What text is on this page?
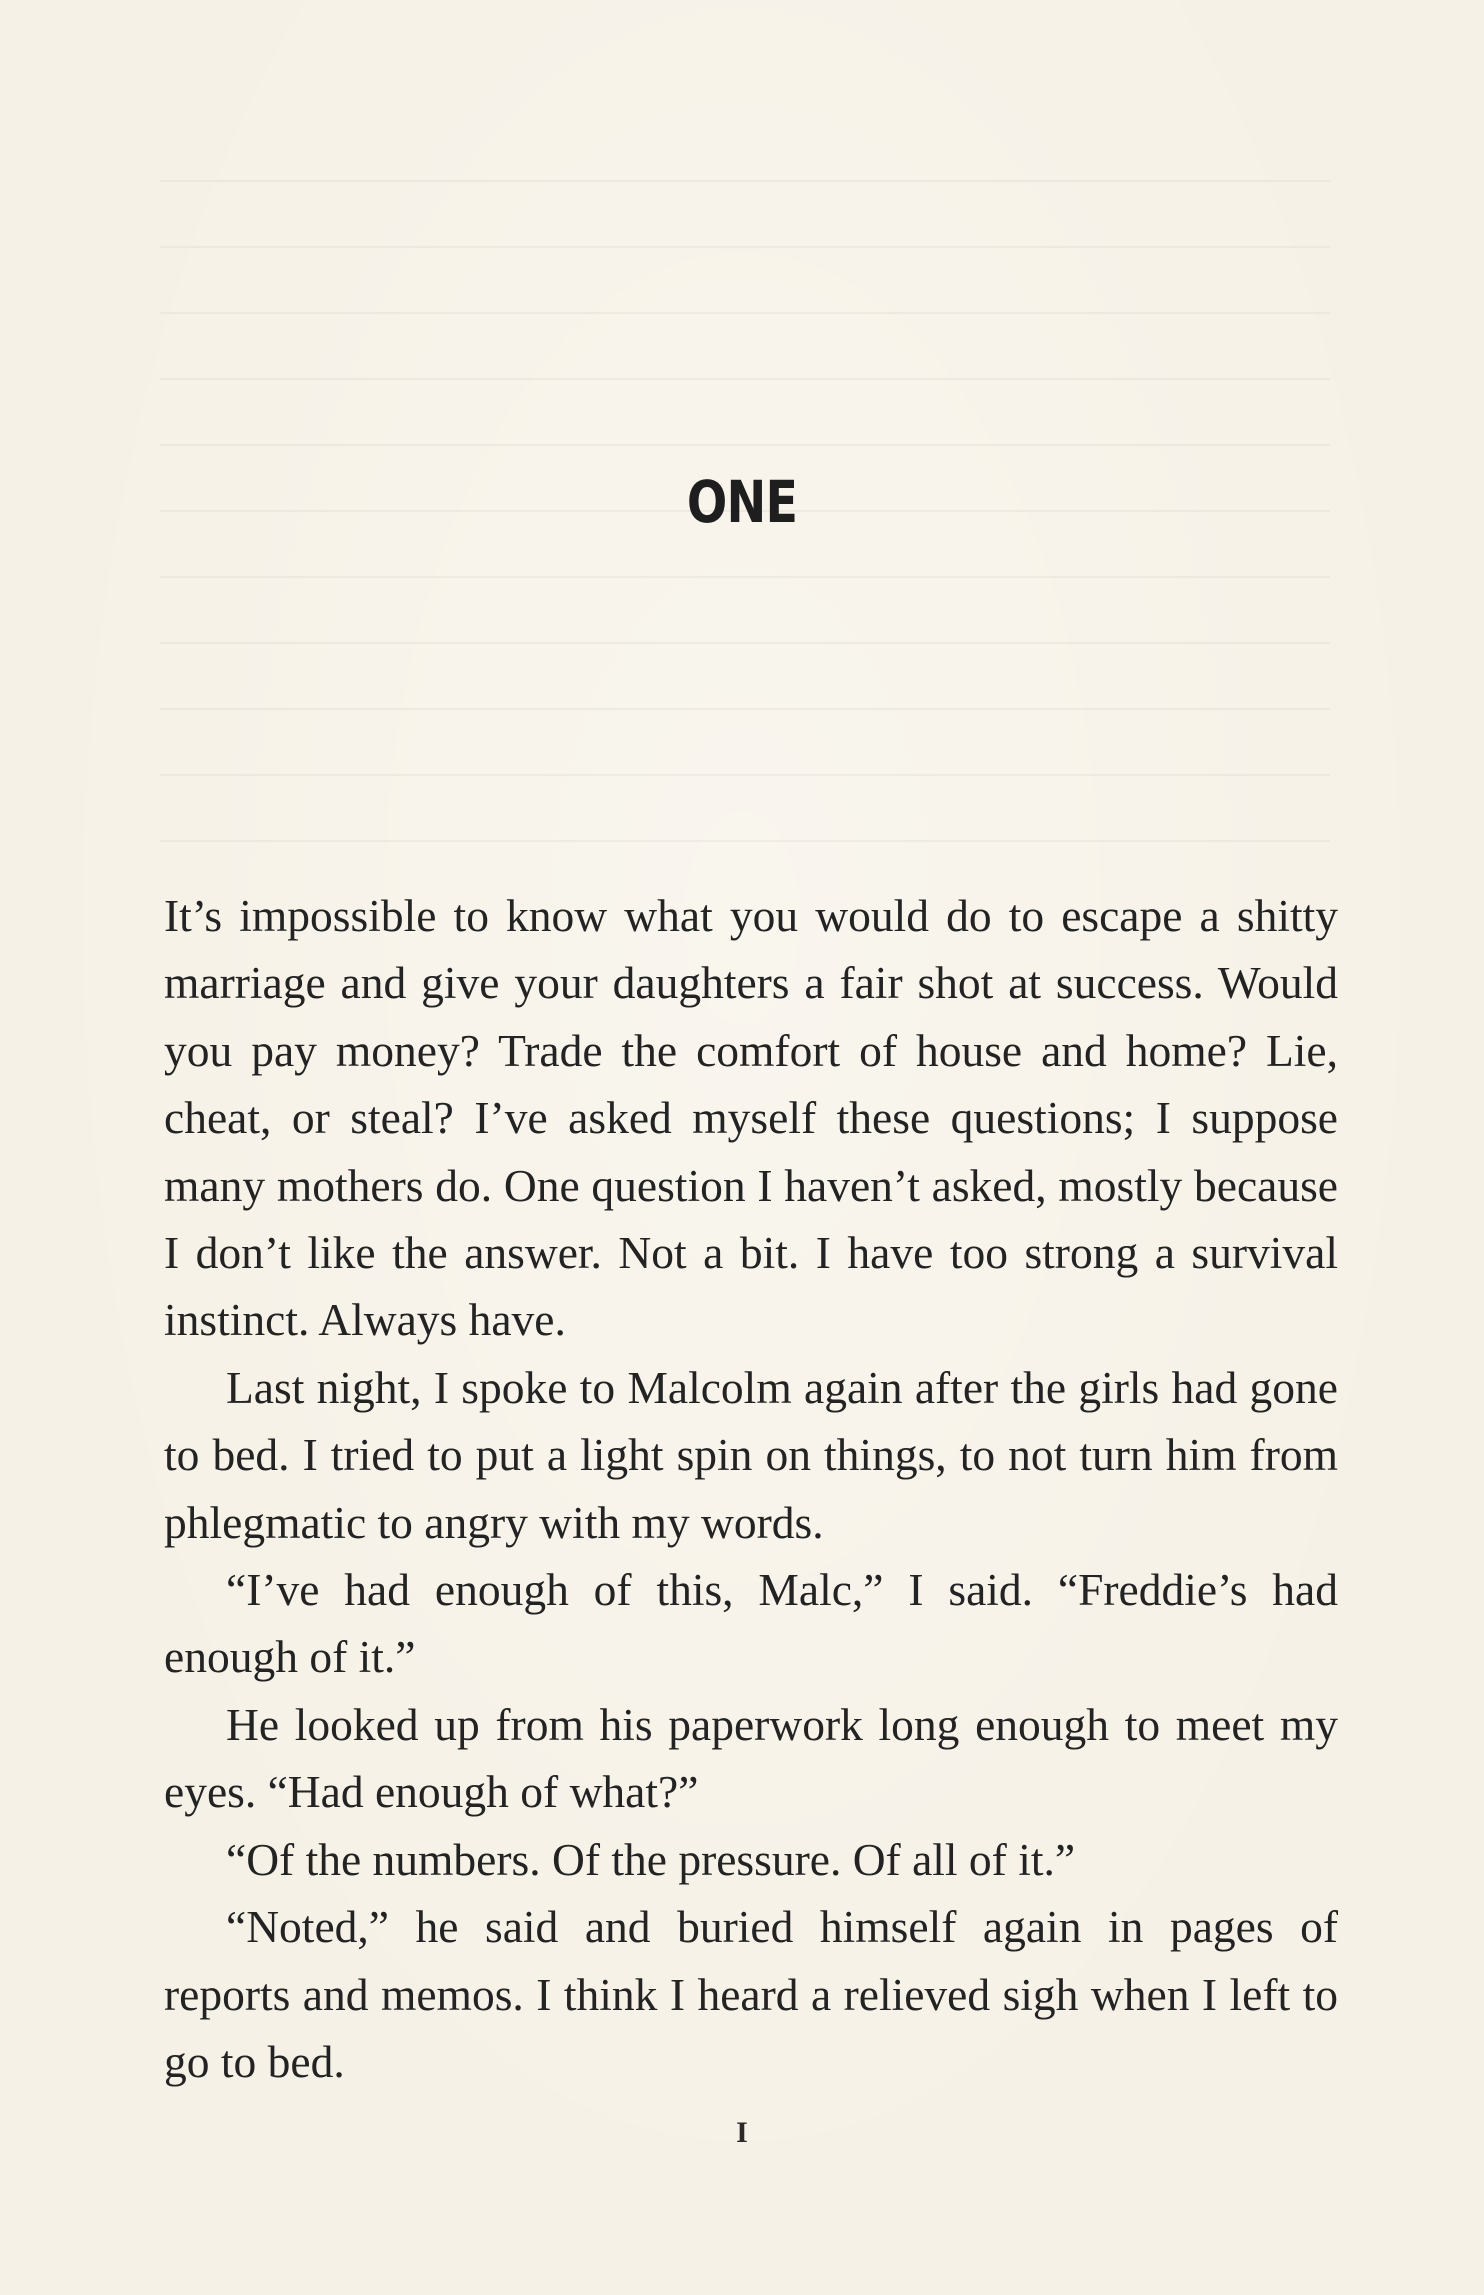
ONE

It’s impossible to know what you would do to escape a shitty marriage and give your daughters a fair shot at success. Would you pay money? Trade the comfort of house and home? Lie, cheat, or steal? I’ve asked myself these questions; I suppose many mothers do. One question I haven’t asked, mostly because I don’t like the answer. Not a bit. I have too strong a survival instinct. Always have.

Last night, I spoke to Malcolm again after the girls had gone to bed. I tried to put a light spin on things, to not turn him from phlegmatic to angry with my words.

“I’ve had enough of this, Malc,” I said. “Freddie’s had enough of it.”

He looked up from his paperwork long enough to meet my eyes. “Had enough of what?”

“Of the numbers. Of the pressure. Of all of it.”

“Noted,” he said and buried himself again in pages of reports and memos. I think I heard a relieved sigh when I left to go to bed.

I
